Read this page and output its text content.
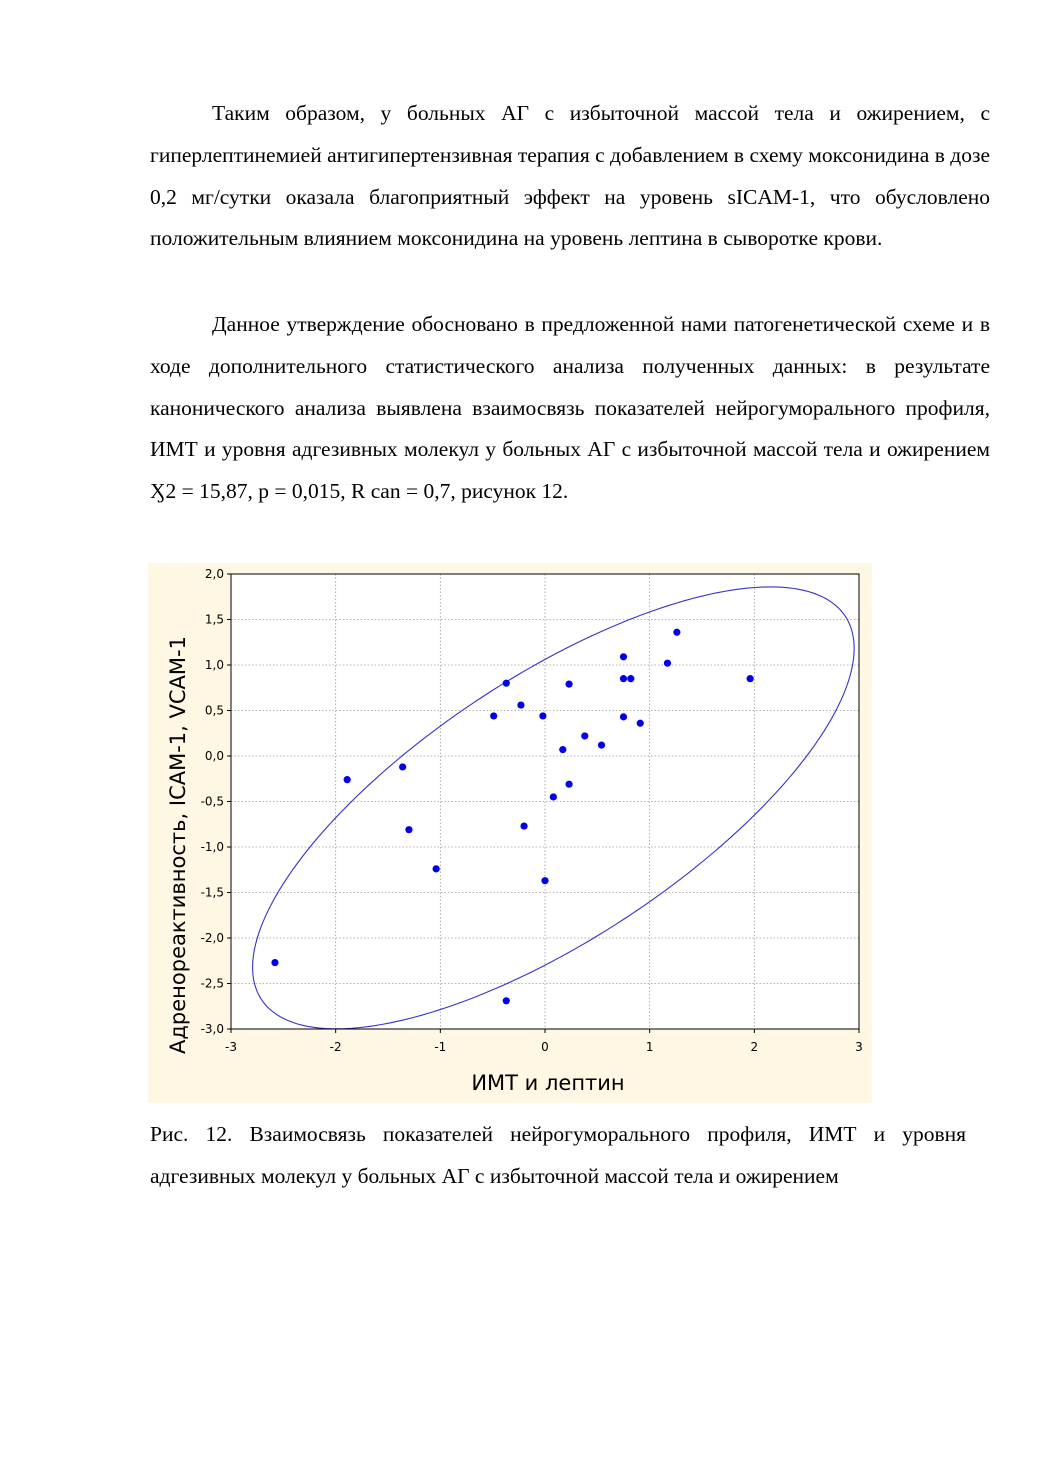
Таким образом, у больных АГ с избыточной массой тела и ожирением, с гиперлептинемией антигипертензивная терапия с добавлением в схему моксонидина в дозе 0,2 мг/сутки оказала благоприятный эффект на уровень sICAM-1, что обусловлено положительным влиянием моксонидина на уровень лептина в сыворотке крови.

Данное утверждение обосновано в предложенной нами патогенетической схеме и в ходе дополнительного статистического анализа полученных данных: в результате канонического анализа выявлена взаимосвязь показателей нейрогуморального профиля, ИМТ и уровня адгезивных молекул у больных АГ с избыточной массой тела и ожирением Ӽ2 = 15,87, р = 0,015, R can = 0,7, рисунок 12.

-3	-2	-1	0	1	2	3
2,0
1,5
1,0
0,5
0,0
-0,5
-1,0
-1,5
-2,0
-2,5
-3,0
ИМТ и лептин
Адренореактивность, ICAM-1, VCAM-1

Рис. 12. Взаимосвязь показателей нейрогуморального профиля, ИМТ и уровня адгезивных молекул у больных АГ с избыточной массой тела и ожирением
